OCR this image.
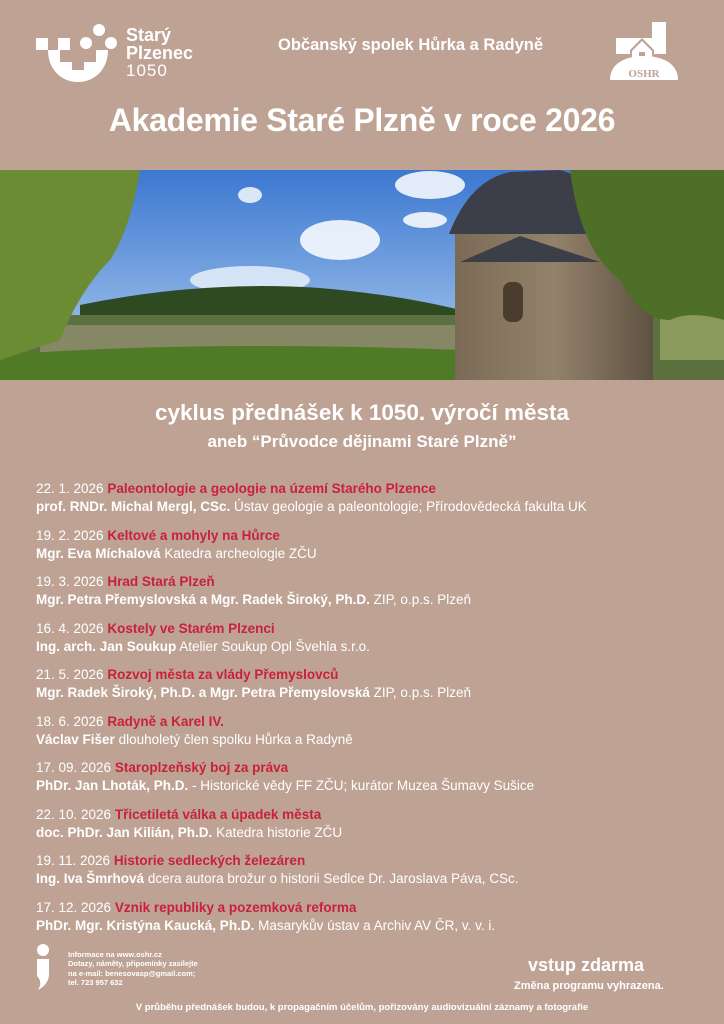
Starý
Plzenec
1050
Občanský spolek Hůrka a Radyně
OSHR
Akademie Staré Plzně v roce 2026
cyklus přednášek k 1050. výročí města
aneb “Průvodce dějinami Staré Plzně”
22. 1. 2026 Paleontologie a geologie na území Starého Plzence
prof. RNDr. Michal Mergl, CSc. Ústav geologie a paleontologie; Přírodovědecká fakulta UK
19. 2. 2026 Keltové a mohyly na Hůrce
Mgr. Eva Míchalová Katedra archeologie ZČU
19. 3. 2026 Hrad Stará Plzeň
Mgr. Petra Přemyslovská a Mgr. Radek Široký, Ph.D. ZIP, o.p.s. Plzeň
16. 4. 2026 Kostely ve Starém Plzenci
Ing. arch. Jan Soukup Atelier Soukup Opl Švehla s.r.o.
21. 5. 2026 Rozvoj města za vlády Přemyslovců
Mgr. Radek Široký, Ph.D. a Mgr. Petra Přemyslovská ZIP, o.p.s. Plzeň
18. 6. 2026 Radyně a Karel IV.
Václav Fišer dlouholetý člen spolku Hůrka a Radyně
17. 09. 2026 Staroplzeňský boj za práva
PhDr. Jan Lhoták, Ph.D. - Historické vědy FF ZČU; kurátor Muzea Šumavy Sušice
22. 10. 2026 Třicetiletá válka a úpadek města
doc. PhDr. Jan Kilián, Ph.D. Katedra historie ZČU
19. 11. 2026 Historie sedleckých železáren
Ing. Iva Šmrhová dcera autora brožur o historii Sedlce Dr. Jaroslava Páva, CSc.
17. 12. 2026 Vznik republiky a pozemková reforma
PhDr. Mgr. Kristýna Kaucká, Ph.D. Masarykův ústav a Archiv AV ČR, v. v. i.
Informace na www.oshr.cz
Dotazy, náměty, připomínky zasílejte
na e-mail: benesovasp@gmail.com;
tel. 723 957 632
vstup zdarma
Změna programu vyhrazena.
V průběhu přednášek budou, k propagačním účelům, pořizovány audiovizuální záznamy a fotografie
